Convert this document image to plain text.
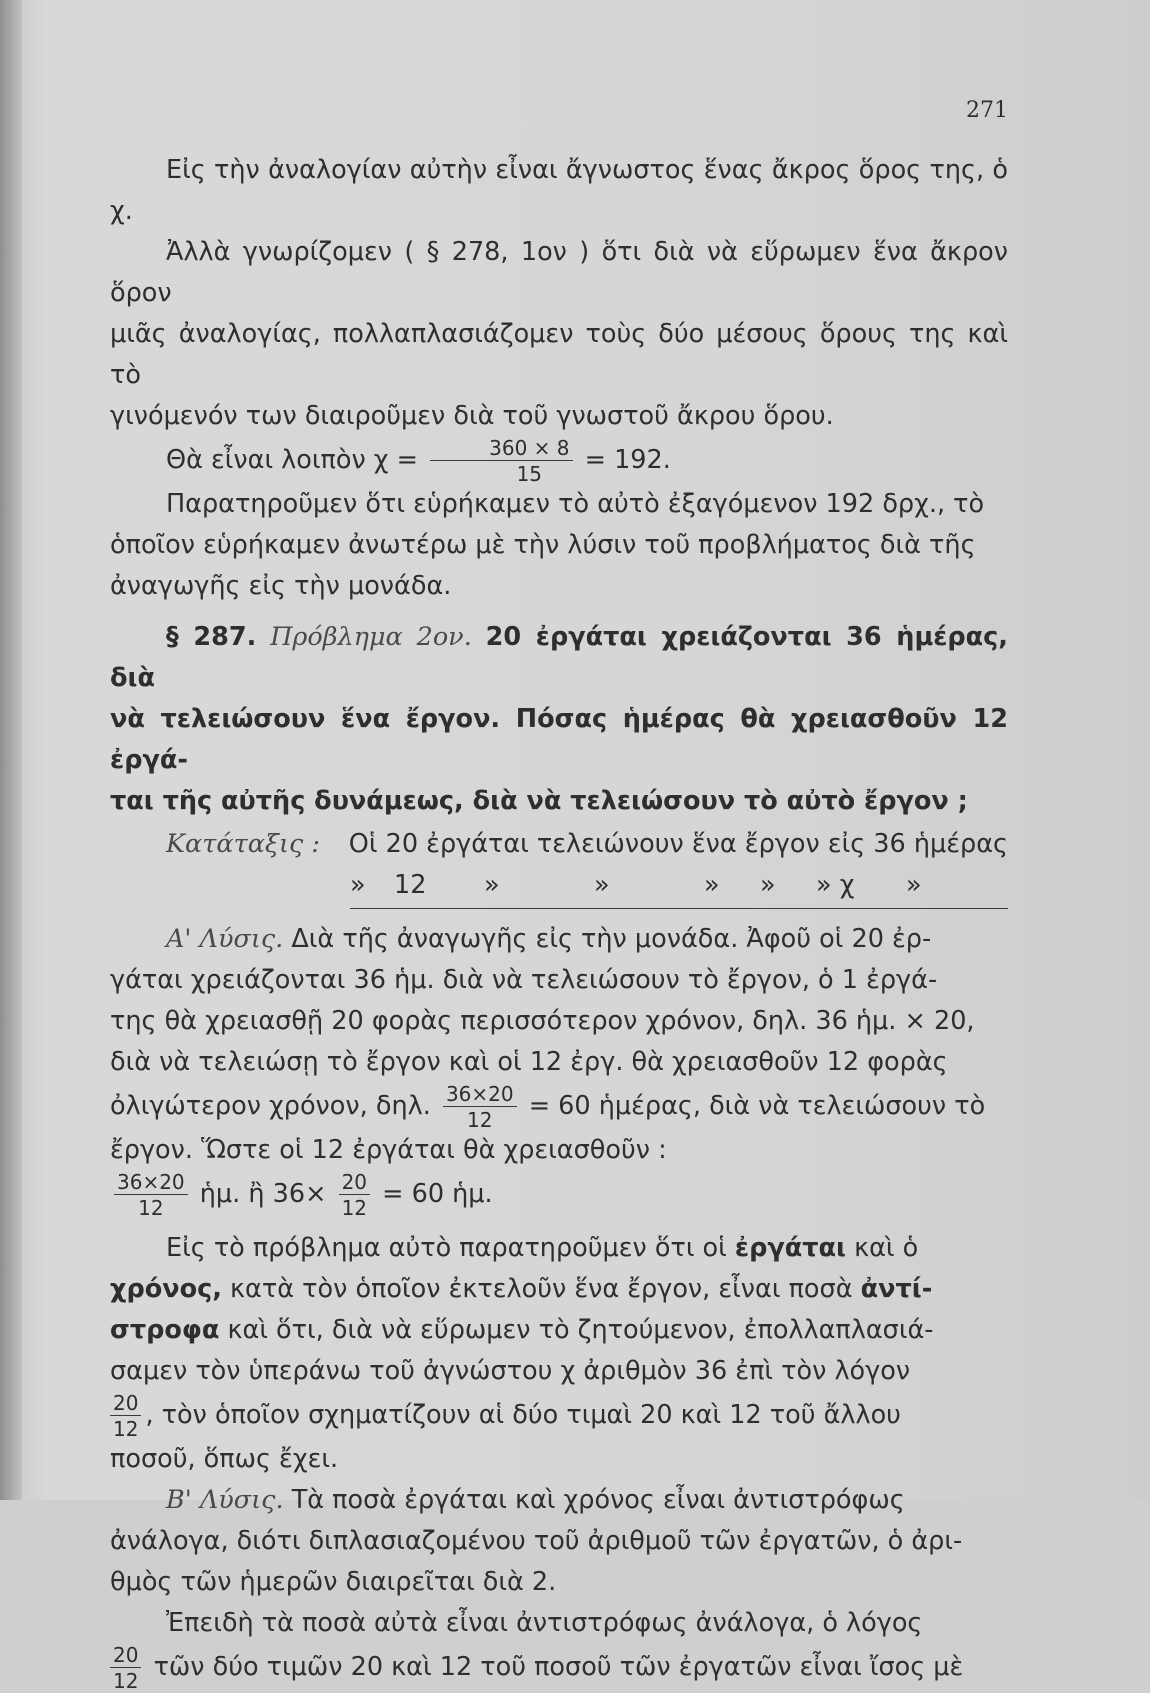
271

Εἰς τὴν ἀναλογίαν αὐτὴν εἶναι ἄγνωστος ἕνας ἄκρος ὅρος της, ὁ χ.

Ἀλλὰ γνωρίζομεν ( § 278, 1ον ) ὅτι διὰ νὰ εὕρωμεν ἕνα ἄκρον ὅρον

μιᾶς ἀναλογίας, πολλαπλασιάζομεν τοὺς δύο μέσους ὅρους της καὶ τὸ

γινόμενόν των διαιροῦμεν διὰ τοῦ γνωστοῦ ἄκρου ὅρου.

Θὰ εἶναι λοιπὸν $\chi = \frac{360 \times 8}{15} = 192$.

Παρατηροῦμεν ὅτι εὑρήκαμεν τὸ αὐτὸ ἐξαγόμενον 192 δρχ., τὸ

ὁποῖον εὑρήκαμεν ἀνωτέρω μὲ τὴν λύσιν τοῦ προβλήματος διὰ τῆς

ἀναγωγῆς εἰς τὴν μονάδα.

§ 287. Πρόβλημα 2ον. 20 ἐργάται χρειάζονται 36 ἡμέρας, διὰ

νὰ τελειώσουν ἕνα ἔργον. Πόσας ἡμέρας θὰ χρειασθοῦν 12 ἐργά-

ται τῆς αὐτῆς δυνάμεως, διὰ νὰ τελειώσουν τὸ αὐτὸ ἔργον ;

Κατάταξις :	Οἱ 20 ἐργάται τελειώνουν ἕνα ἔργον εἰς 36 ἡμέρας
»	12	»	»	»	»	» χ	»

Α' Λύσις. Διὰ τῆς ἀναγωγῆς εἰς τὴν μονάδα. Ἀφοῦ οἱ 20 ἐρ-

γάται χρειάζονται 36 ἡμ. διὰ νὰ τελειώσουν τὸ ἔργον, ὁ 1 ἐργά-

της θὰ χρειασθῇ 20 φορὰς περισσότερον χρόνον, δηλ. 36 ἡμ. × 20,

διὰ νὰ τελειώσῃ τὸ ἔργον καὶ οἱ 12 ἐργ. θὰ χρειασθοῦν 12 φορὰς

ὀλιγώτερον χρόνον, δηλ. $\frac{36\times 20}{12} = 60$ ἡμέρας, διὰ νὰ τελειώσουν τὸ

ἔργον. Ὥστε οἱ 12 ἐργάται θὰ χρειασθοῦν :

$\frac{36\times 20}{12}$ ἡμ. ἢ $36\times \frac{20}{12} = 60$ ἡμ.

Εἰς τὸ πρόβλημα αὐτὸ παρατηροῦμεν ὅτι οἱ ἐργάται καὶ ὁ

χρόνος, κατὰ τὸν ὁποῖον ἐκτελοῦν ἕνα ἔργον, εἶναι ποσὰ ἀντί-

στροφα καὶ ὅτι, διὰ νὰ εὕρωμεν τὸ ζητούμενον, ἐπολλαπλασιά-

σαμεν τὸν ὑπεράνω τοῦ ἀγνώστου χ ἀριθμὸν 36 ἐπὶ τὸν λόγον

$\frac{20}{12}$ , τὸν ὁποῖον σχηματίζουν αἱ δύο τιμαὶ 20 καὶ 12 τοῦ ἄλλου

ποσοῦ, ὅπως ἔχει.

Β' Λύσις. Τὰ ποσὰ ἐργάται καὶ χρόνος εἶναι ἀντιστρόφως

ἀνάλογα, διότι διπλασιαζομένου τοῦ ἀριθμοῦ τῶν ἐργατῶν, ὁ ἀρι-

θμὸς τῶν ἡμερῶν διαιρεῖται διὰ 2.

Ἐπειδὴ τὰ ποσὰ αὐτὰ εἶναι ἀντιστρόφως ἀνάλογα, ὁ λόγος

$\frac{20}{12}$ τῶν δύο τιμῶν 20 καὶ 12 τοῦ ποσοῦ τῶν ἐργατῶν εἶναι ἴσος μὲ
